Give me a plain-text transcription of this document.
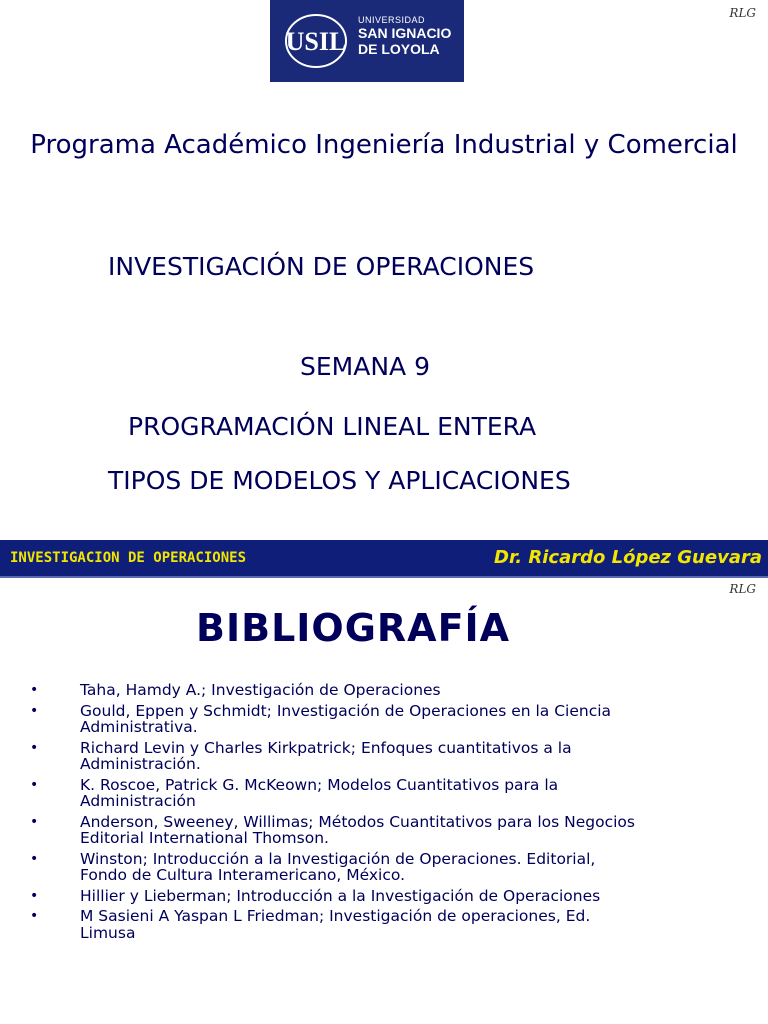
USIL
UNIVERSIDAD
SAN IGNACIO
DE LOYOLA
RLG
Programa Académico Ingeniería Industrial y Comercial
INVESTIGACIÓN DE OPERACIONES
SEMANA 9
PROGRAMACIÓN LINEAL ENTERA
TIPOS DE MODELOS Y APLICACIONES
INVESTIGACION DE OPERACIONES	Dr. Ricardo López Guevara
RLG
BIBLIOGRAFÍA
•	Taha, Hamdy A.; Investigación de Operaciones
•	Gould, Eppen y Schmidt; Investigación de Operaciones en la Ciencia
Administrativa.
•	Richard Levin y Charles Kirkpatrick; Enfoques cuantitativos a la
Administración.
•	K. Roscoe, Patrick G. McKeown; Modelos Cuantitativos para la
Administración
•	Anderson, Sweeney, Willimas; Métodos Cuantitativos para los Negocios
Editorial International Thomson.
•	Winston; Introducción a la Investigación de Operaciones. Editorial,
Fondo de Cultura Interamericano, México.
•	Hillier y Lieberman; Introducción a la Investigación de Operaciones
•	M Sasieni A Yaspan L Friedman; Investigación de operaciones, Ed.
Limusa
